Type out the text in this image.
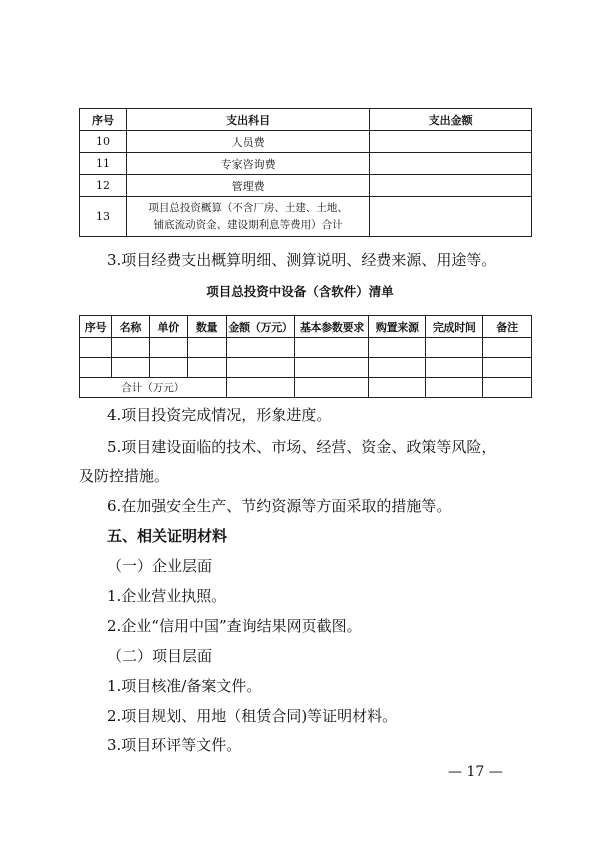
序号	支出科目	支出金额
10	人员费	
11	专家咨询费	
12	管理费	
13	项目总投资概算（不含厂房、土建、土地、
铺底流动资金、建设期利息等费用）合计	

3.项目经费支出概算明细、测算说明、经费来源、用途等。
项目总投资中设备（含软件）清单
序号	名称	单价	数量	金额（万元）	基本参数要求	购置来源	完成时间	备注

合计（万元）								
4.项目投资完成情况，形象进度。
5.项目建设面临的技术、市场、经营、资金、政策等风险，
及防控措施。
6.在加强安全生产、节约资源等方面采取的措施等。
五、相关证明材料
（一）企业层面
1.企业营业执照。
2.企业“信用中国”查询结果网页截图。
（二）项目层面
1.项目核准/备案文件。
2.项目规划、用地（租赁合同)等证明材料。
3.项目环评等文件。
— 17 —
